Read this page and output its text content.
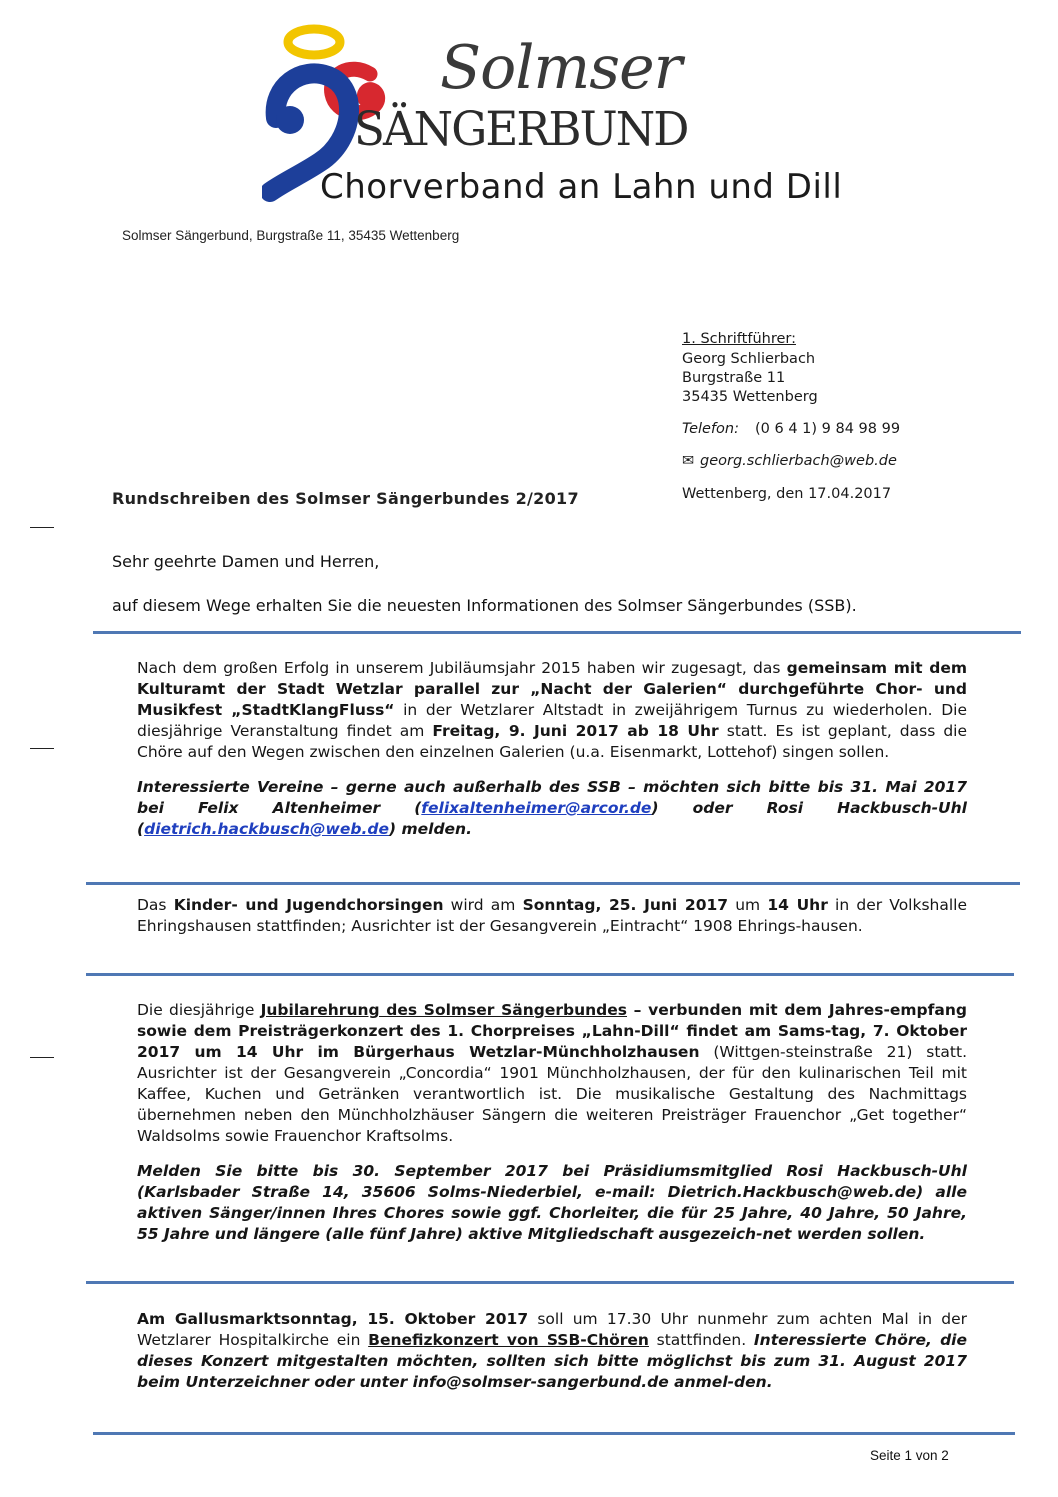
Solmser
SÄNGERBUND
Chorverband an Lahn und Dill
Solmser Sängerbund, Burgstraße 11, 35435 Wettenberg
1. Schriftführer:
Georg Schlierbach
Burgstraße 11
35435 Wettenberg
Telefon: (0 6 4 1) 9 84 98 99
✉ georg.schlierbach@web.de
Wettenberg, den 17.04.2017
Rundschreiben des Solmser Sängerbundes 2/2017
Sehr geehrte Damen und Herren,
auf diesem Wege erhalten Sie die neuesten Informationen des Solmser Sängerbundes (SSB).

Nach dem großen Erfolg in unserem Jubiläumsjahr 2015 haben wir zugesagt, das gemeinsam mit dem Kulturamt der Stadt Wetzlar parallel zur „Nacht der Galerien“ durchgeführte Chor- und Musikfest „StadtKlangFluss“ in der Wetzlarer Altstadt in zweijährigem Turnus zu wiederholen. Die diesjährige Veranstaltung findet am Freitag, 9. Juni 2017 ab 18 Uhr statt. Es ist geplant, dass die Chöre auf den Wegen zwischen den einzelnen Galerien (u.a. Eisenmarkt, Lottehof) singen sollen.

Interessierte Vereine – gerne auch außerhalb des SSB – möchten sich bitte bis 31. Mai 2017 bei Felix Altenheimer (felixaltenheimer@arcor.de) oder Rosi Hackbusch-Uhl (dietrich.hackbusch@web.de) melden.

Das Kinder- und Jugendchorsingen wird am Sonntag, 25. Juni 2017 um 14 Uhr in der Volkshalle Ehringshausen stattfinden; Ausrichter ist der Gesangverein „Eintracht“ 1908 Ehrings-hausen.

Die diesjährige Jubilarehrung des Solmser Sängerbundes – verbunden mit dem Jahres-empfang sowie dem Preisträgerkonzert des 1. Chorpreises „Lahn-Dill“ findet am Sams-tag, 7. Oktober 2017 um 14 Uhr im Bürgerhaus Wetzlar-Münchholzhausen (Wittgen-steinstraße 21) statt. Ausrichter ist der Gesangverein „Concordia“ 1901 Münchholzhausen, der für den kulinarischen Teil mit Kaffee, Kuchen und Getränken verantwortlich ist. Die musikalische Gestaltung des Nachmittags übernehmen neben den Münchholzhäuser Sängern die weiteren Preisträger Frauenchor „Get together“ Waldsolms sowie Frauenchor Kraftsolms.

Melden Sie bitte bis 30. September 2017 bei Präsidiumsmitglied Rosi Hackbusch-Uhl (Karlsbader Straße 14, 35606 Solms-Niederbiel, e-mail: Dietrich.Hackbusch@web.de) alle aktiven Sänger/innen Ihres Chores sowie ggf. Chorleiter, die für 25 Jahre, 40 Jahre, 50 Jahre, 55 Jahre und längere (alle fünf Jahre) aktive Mitgliedschaft ausgezeich-net werden sollen.

Am Gallusmarktsonntag, 15. Oktober 2017 soll um 17.30 Uhr nunmehr zum achten Mal in der Wetzlarer Hospitalkirche ein Benefizkonzert von SSB-Chören stattfinden. Interessierte Chöre, die dieses Konzert mitgestalten möchten, sollten sich bitte möglichst bis zum 31. August 2017 beim Unterzeichner oder unter info@solmser-sangerbund.de anmel-den.

Seite 1 von 2
